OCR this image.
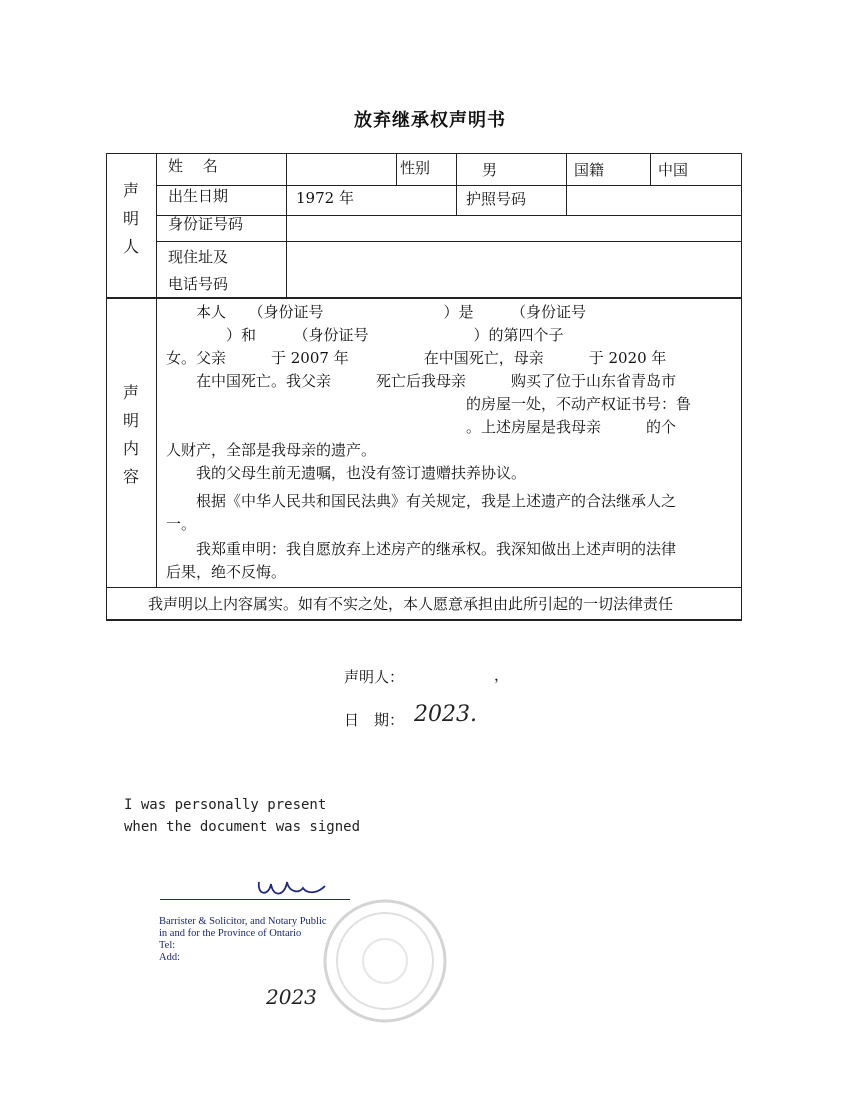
放弃继承权声明书
声
明
人
声
明
内
容
姓　 名	性别	男	国籍	中国
出生日期	1972 年	护照号码
身份证号码
现住址及
电话号码
本人　　（身份证号　　　　　　　　）是　　　（身份证号
　　　　）和　　　（身份证号　　　　　　　）的第四个子
女。父亲　　　于 2007 年　　　　　在中国死亡，母亲　　　于 2020 年
　　在中国死亡。我父亲　　　死亡后我母亲　　　购买了位于山东省青岛市
　　　　　　　　　　　　　　　　　　　　的房屋一处，不动产权证书号：鲁
　　　　　　　　　　　　　　　　　　　　。上述房屋是我母亲　　　的个
人财产，全部是我母亲的遗产。
我的父母生前无遗嘱，也没有签订遗赠扶养协议。
根据《中华人民共和国民法典》有关规定，我是上述遗产的合法继承人之
一。
我郑重申明：我自愿放弃上述房产的继承权。我深知做出上述声明的法律
后果，绝不反悔。
我声明以上内容属实。如有不实之处，本人愿意承担由此所引起的一切法律责任
声明人：	，
日　期： 2023.
I was personally present
when the document was signed
Barrister & Solicitor, and Notary Public
in and for the Province of Ontario
Tel:
Add:
2023
